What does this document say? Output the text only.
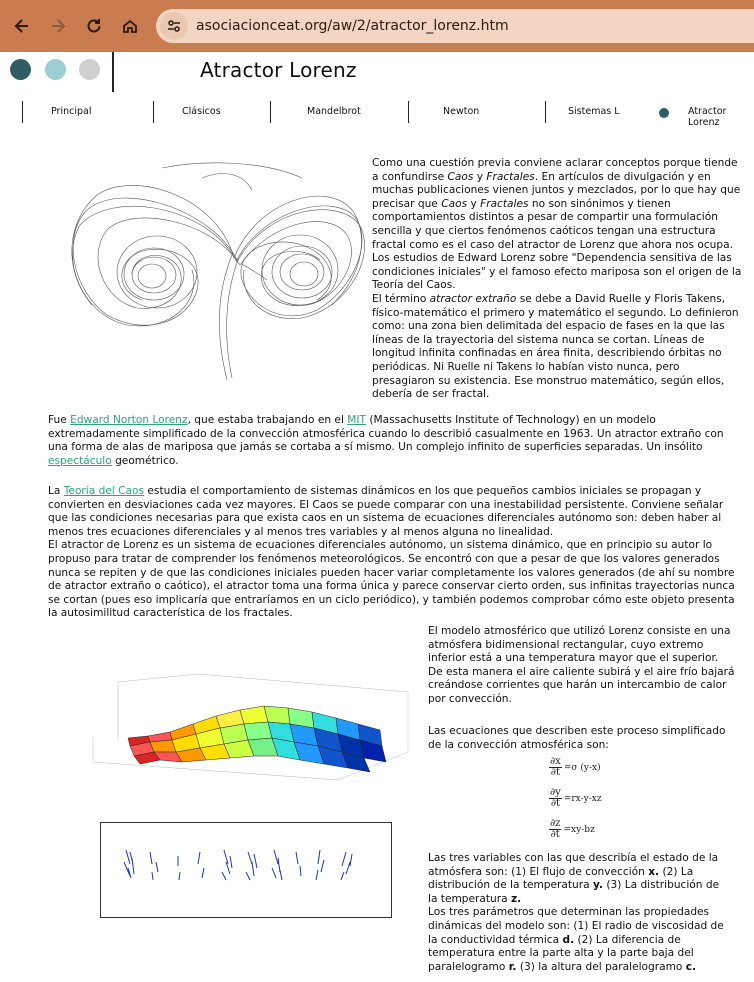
asociacionceat.org/aw/2/atractor_lorenz.htm
Atractor Lorenz
Principal	Clásicos	Mandelbrot	Newton	Sistemas L	Atractor Lorenz
Como una cuestión previa conviene aclarar conceptos porque tiende a confundirse Caos y Fractales. En artículos de divulgación y en muchas publicaciones vienen juntos y mezclados, por lo que hay que precisar que Caos y Fractales no son sinónimos y tienen comportamientos distintos a pesar de compartir una formulación sencilla y que ciertos fenómenos caóticos tengan una estructura fractal como es el caso del atractor de Lorenz que ahora nos ocupa. Los estudios de Edward Lorenz sobre "Dependencia sensitiva de las condiciones iniciales" y el famoso efecto mariposa son el origen de la Teoría del Caos.
El término atractor extraño se debe a David Ruelle y Floris Takens, físico-matemático el primero y matemático el segundo. Lo definieron como: una zona bien delimitada del espacio de fases en la que las líneas de la trayectoria del sistema nunca se cortan. Líneas de longitud infinita confinadas en área finita, describiendo órbitas no periódicas. Ni Ruelle ni Takens lo habían visto nunca, pero presagiaron su existencia. Ese monstruo matemático, según ellos, debería de ser fractal.
Fue Edward Norton Lorenz, que estaba trabajando en el MIT (Massachusetts Institute of Technology) en un modelo extremadamente simplificado de la convección atmosférica cuando lo describió casualmente en 1963. Un atractor extraño con una forma de alas de mariposa que jamás se cortaba a sí mismo. Un complejo infinito de superficies separadas. Un insólito espectáculo geométrico.
La Teoría del Caos estudia el comportamiento de sistemas dinámicos en los que pequeños cambios iniciales se propagan y convierten en desviaciones cada vez mayores. El Caos se puede comparar con una inestabilidad persistente. Conviene señalar que las condiciones necesarias para que exista caos en un sistema de ecuaciones diferenciales autónomo son: deben haber al menos tres ecuaciones diferenciales y al menos tres variables y al menos alguna no linealidad.
El atractor de Lorenz es un sistema de ecuaciones diferenciales autónomo, un sistema dinámico, que en principio su autor lo propuso para tratar de comprender los fenómenos meteorológicos. Se encontró con que a pesar de que los valores generados nunca se repiten y de que las condiciones iniciales pueden hacer variar completamente los valores generados (de ahí su nombre de atractor extraño o caótico), el atractor toma una forma única y parece conservar cierto orden, sus infinitas trayectorias nunca se cortan (pues eso implicaría que entraríamos en un ciclo periódico), y también podemos comprobar cómo este objeto presenta la autosimilitud característica de los fractales.
El modelo atmosférico que utilizó Lorenz consiste en una atmósfera bidimensional rectangular, cuyo extremo inferior está a una temperatura mayor que el superior. De esta manera el aire caliente subirá y el aire frío bajará creándose corrientes que harán un intercambio de calor por convección.
Las ecuaciones que describen este proceso simplificado de la convección atmosférica son:
$\frac{\partial x}{\partial t} =\sigma$ (y-x)
$\frac{\partial y}{\partial t} =rx-y-xz$
$\frac{\partial z}{\partial t} =xy-bz$
Las tres variables con las que describía el estado de la atmósfera son: (1) El flujo de convección x. (2) La distribución de la temperatura y. (3) La distribución de la temperatura z.
Los tres parámetros que determinan las propiedades dinámicas del modelo son: (1) El radio de viscosidad de la conductividad térmica d. (2) La diferencia de temperatura entre la parte alta y la parte baja del paralelogramo r. (3) la altura del paralelogramo c.
